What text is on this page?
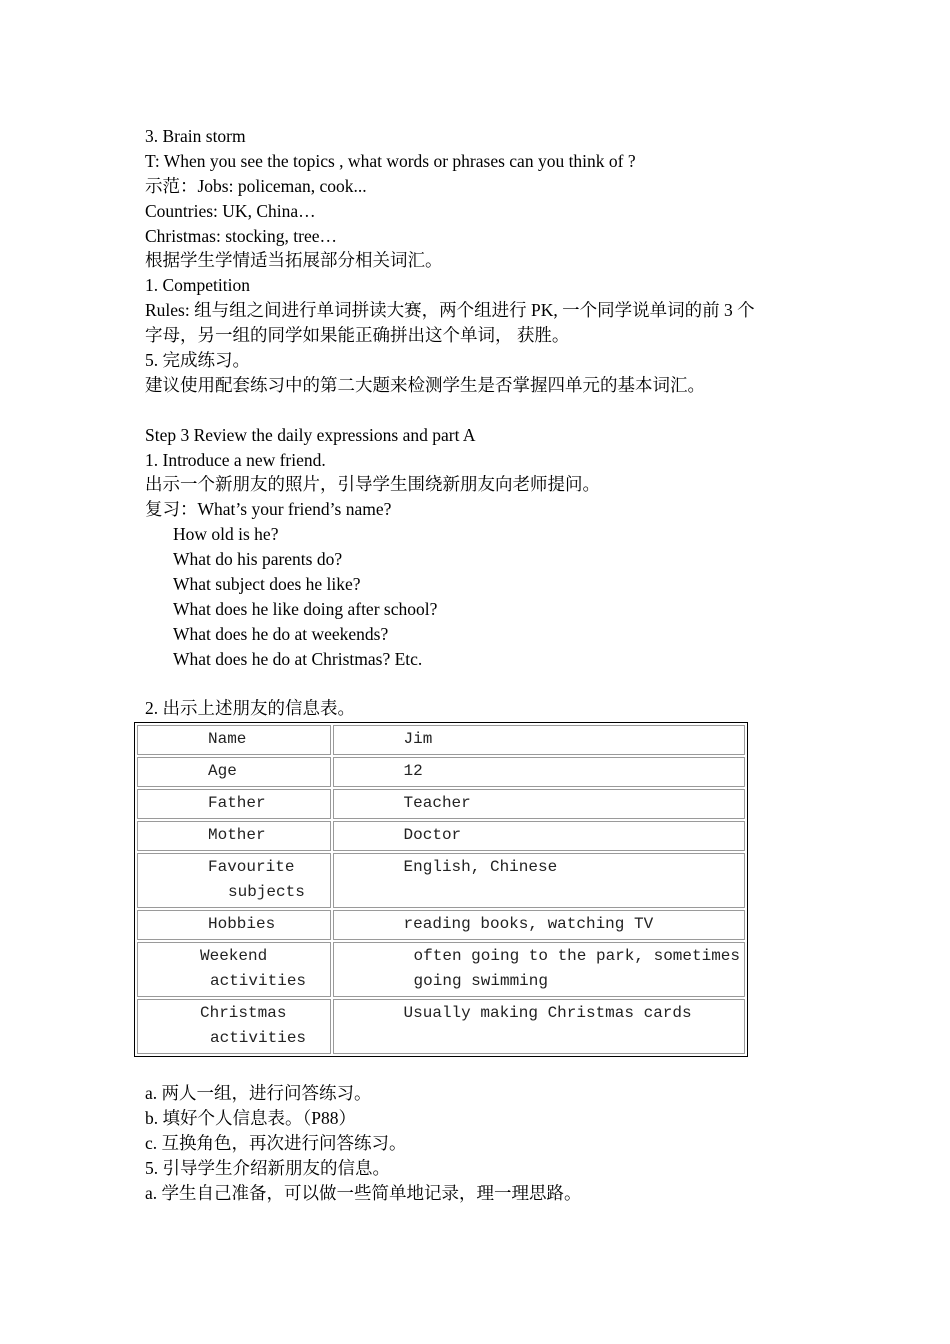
3. Brain storm
T: When you see the topics , what words or phrases can you think of ?
示范：Jobs: policeman, cook...
Countries: UK, China…
Christmas: stocking, tree…
根据学生学情适当拓展部分相关词汇。
1. Competition
Rules: 组与组之间进行单词拼读大赛，两个组进行 PK, 一个同学说单词的前 3 个
字母，另一组的同学如果能正确拼出这个单词， 获胜。
5. 完成练习。
建议使用配套练习中的第二大题来检测学生是否掌握四单元的基本词汇。
Step 3 Review the daily expressions and part A
1. Introduce a new friend.
出示一个新朋友的照片，引导学生围绕新朋友向老师提问。
复习：What’s your friend’s name?
How old is he?
What do his parents do?
What subject does he like?
What does he like doing after school?
What does he do at weekends?
What does he do at Christmas? Etc.
2. 出示上述朋友的信息表。
Name	Jim
Age	12
Father	Teacher
Mother	Doctor

Favourite
subjects	English, Chinese
Hobbies	reading books, watching TV

Weekend
activities	often going to the park, sometimes
going swimming

Christmas
activities	Usually making Christmas cards
a. 两人一组，进行问答练习。
b. 填好个人信息表。（P88）
c. 互换角色，再次进行问答练习。
5. 引导学生介绍新朋友的信息。
a. 学生自己准备，可以做一些简单地记录，理一理思路。
